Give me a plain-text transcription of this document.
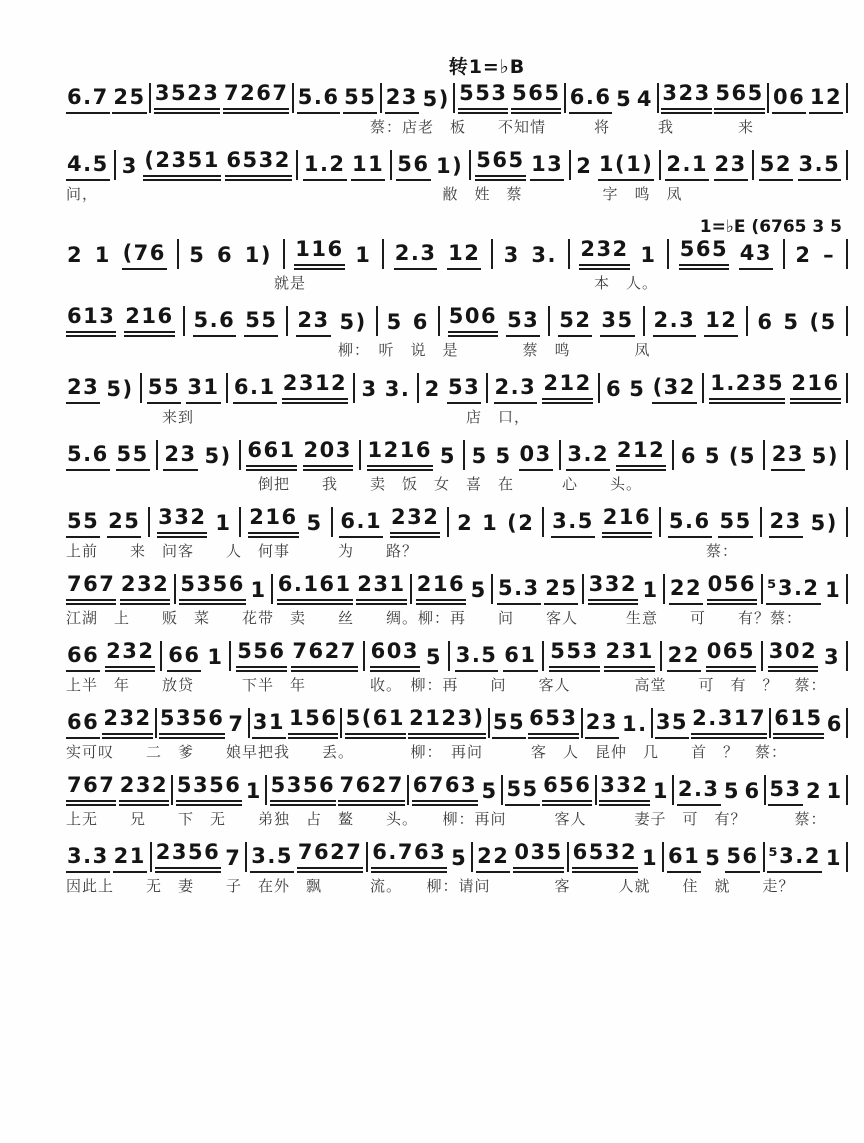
转1=♭B
6.7 25 3523 7267 5.6 55 23 5) 553 565 6.6 5 4 323 565 06 12
　　　　　　　　　　　　　　　　　　　蔡：店老　板　　不知情　　　将　　　我　　　　来
4.5 3 (2351 6532 1.2 11 56 1) 565 13 2 1(1) 2.1 23 52 3.5
问，　　　　　　　　　　　　　　　　　　　　　　敝　姓　蔡　　　　　字　鸣　凤
1=♭E (6765 3 5
2 1 (76 5 6 1) 116 1 2.3 12 3 3. 232 1 565 43 2 –
　　　　　　　　　　　　　就是　　　　　　　　　　　　　　　　　　本　人。
613 216 5.6 55 23 5) 5 6 506 53 52 35 2.3 12 6 5 (5
　　　　　　　　　　　　　　　　　柳：　听　说　是　　　　蔡　鸣　　　　凤
23 5) 55 31 6.1 2312 3 3. 2 53 2.3 212 6 5 (32 1.235 216
　　　　　　来到　　　　　　　　　　　　　　　　　店　口，
5.6 55 23 5) 661 203 1216 5 5 5 03 3.2 212 6 5 (5 23 5)
　　　　　　　　　　　　倒把　　我　　卖　饭　女　喜　在　　　心　　头。
55 25 332 1 216 5 6.1 232 2 1 (2 3.5 216 5.6 55 23 5)
上前　　来　问客　　人　何事　　　为　　路？　　　　　　　　　　　　　　　　　　蔡：
767 232 5356 1 6.161 231 216 5 5.3 25 332 1 22 056 ⁵3.2 1
江湖　上　　贩　菜　　花带　卖　　丝　　绸。柳：再　　问　　客人　　　生意　　可　　有？蔡：
66 232 66 1 556 7627 603 5 3.5 61 553 231 22 065 302 3
上半　年　　放贷　　　下半　年　　　　收。　柳：再　　问　　客人　　　　高堂　　可　有　？　蔡：
66 232 5356 7 31 156 5(61 2123) 55 653 23 1. 35 2.317 615 6
实可叹　　二　爹　　娘早把我　　丢。　　　　柳：　再问　　　客　人　昆仲　几　　首　？　蔡：
767 232 5356 1 5356 7627 6763 5 55 656 332 1 2.3 5 6 53 2 1
上无　　兄　　下　无　　弟独　占　鳌　　头。　　柳：再问　　　客人　　　妻子　可　有？　　　蔡：
3.3 21 2356 7 3.5 7627 6.763 5 22 035 6532 1 61 5 56 ⁵3.2 1
因此上　　无　妻　　子　在外　飘　　　流。　　柳：请问　　　　客　　　人就　　住　就　　走？
